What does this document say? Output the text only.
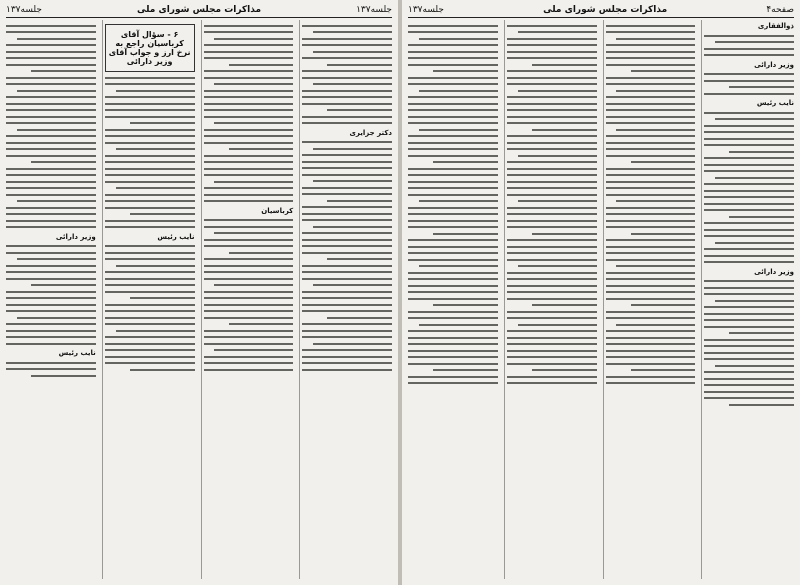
جلسه۱۳۷
مذاکرات مجلس شورای ملی
جلسه۱۳۷
دکتر جزایری
کرباسیان
۶ - سؤال آقای کرباسیان راجع به نرخ ارز و جواب آقای وزیر دارائی
نایب رئیس
وزیر دارائی
نایب رئیس
صفحه۴
مذاکرات مجلس شورای ملی
جلسه۱۳۷
ذوالفقاری
وزیر دارائی
نایب رئیس
وزیر دارائی
